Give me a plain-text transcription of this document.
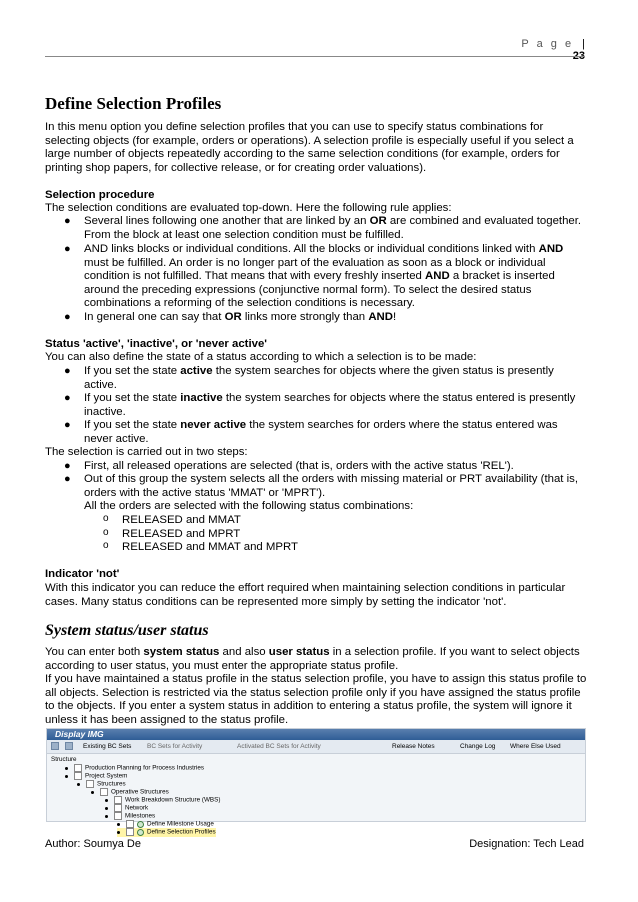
P a g e | 23
Define Selection Profiles

In this menu option you define selection profiles that you can use to specify status combinations for selecting objects (for example, orders or operations). A selection profile is especially useful if you select a large number of objects repeatedly according to the same selection conditions (for example, orders for printing shop papers, for collective release, or for creating order valuations).

Selection procedure
The selection conditions are evaluated top-down. Here the following rule applies:
● Several lines following one another that are linked by an OR are combined and evaluated together. From the block at least one selection condition must be fulfilled.
● AND links blocks or individual conditions. All the blocks or individual conditions linked with AND must be fulfilled. An order is no longer part of the evaluation as soon as a block or individual condition is not fulfilled. That means that with every freshly inserted AND a bracket is inserted around the preceding expressions (conjunctive normal form). To select the desired status combinations a reforming of the selection conditions is necessary.
● In general one can say that OR links more strongly than AND!
Status 'active', 'inactive', or 'never active'
You can also define the state of a status according to which a selection is to be made:
● If you set the state active the system searches for objects where the given status is presently active.
● If you set the state inactive the system searches for objects where the status entered is presently inactive.
● If you set the state never active the system searches for orders where the status entered was never active.
The selection is carried out in two steps:
● First, all released operations are selected (that is, orders with the active status 'REL').
● Out of this group the system selects all the orders with missing material or PRT availability (that is, orders with the active status 'MMAT' or 'MPRT').
All the orders are selected with the following status combinations:
o RELEASED and MMAT
o RELEASED and MPRT
o RELEASED and MMAT and MPRT
Indicator 'not'
With this indicator you can reduce the effort required when maintaining selection conditions in particular cases. Many status conditions can be represented more simply by setting the indicator 'not'.
System status/user status
You can enter both system status and also user status in a selection profile. If you want to select objects according to user status, you must enter the appropriate status profile.
If you have maintained a status profile in the status selection profile, you have to assign this status profile to all objects. Selection is restricted via the status selection profile only if you have assigned the status profile to the objects. If you enter a system status in addition to entering a status profile, the system will ignore it unless it has been assigned to the status profile.
Display IMG
Existing BC Sets BC Sets for Activity	Activated BC Sets for Activity	Release Notes	Change Log Where Else Used
Structure
Production Planning for Process Industries
Project System
Structures
Operative Structures
Work Breakdown Structure (WBS)
Network
Milestones
Define Milestone Usage
Define Selection Profiles
Author: Soumya De	Designation: Tech Lead
